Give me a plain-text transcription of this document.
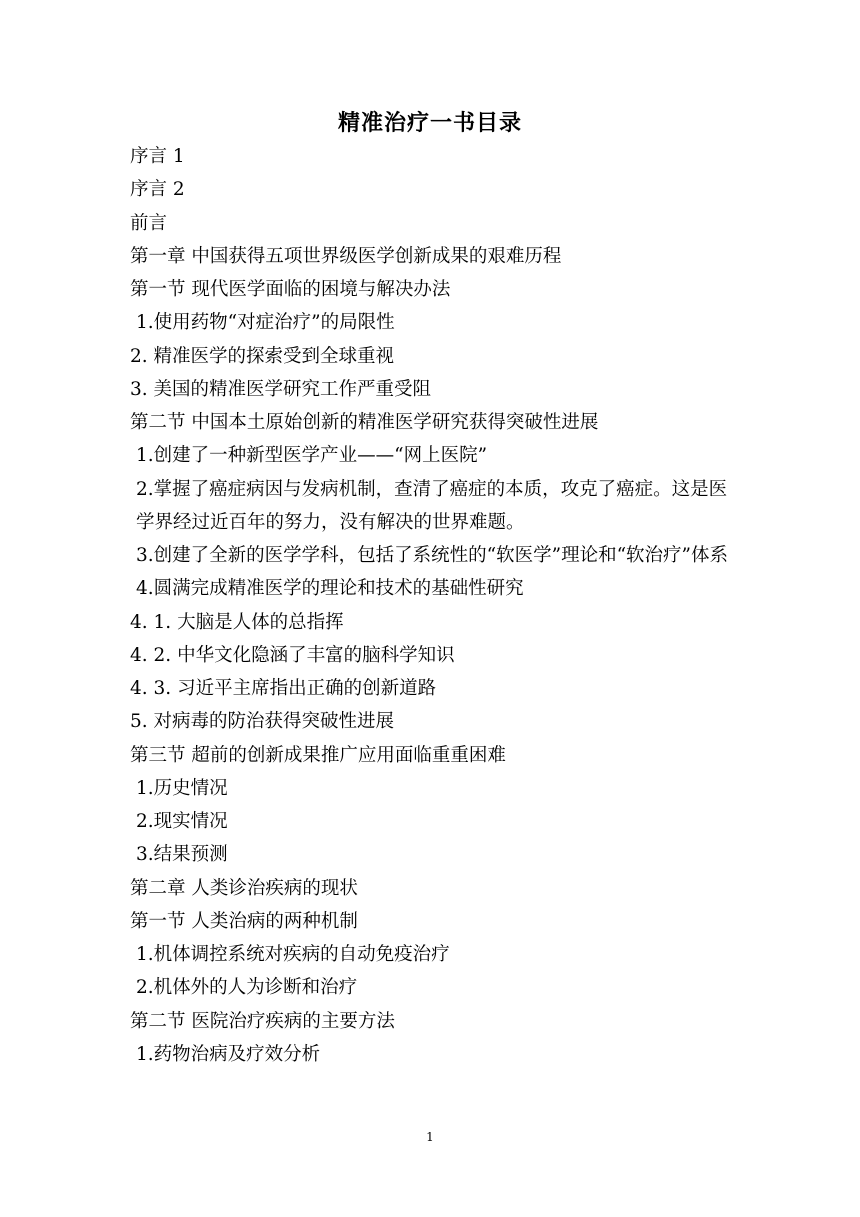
精准治疗一书目录
序言 1
序言 2
前言
第一章 中国获得五项世界级医学创新成果的艰难历程
第一节 现代医学面临的困境与解决办法
1.使用药物“对症治疗”的局限性
2. 精准医学的探索受到全球重视
3. 美国的精准医学研究工作严重受阻
第二节 中国本土原始创新的精准医学研究获得突破性进展
1.创建了一种新型医学产业——“网上医院”
2.掌握了癌症病因与发病机制，查清了癌症的本质，攻克了癌症。这是医学界经过近百年的努力，没有解决的世界难题。
3.创建了全新的医学学科，包括了系统性的“软医学”理论和“软治疗”体系
4.圆满完成精准医学的理论和技术的基础性研究
4. 1. 大脑是人体的总指挥
4. 2. 中华文化隐涵了丰富的脑科学知识
4. 3. 习近平主席指出正确的创新道路
5. 对病毒的防治获得突破性进展
第三节 超前的创新成果推广应用面临重重困难
1.历史情况
2.现实情况
3.结果预测
第二章 人类诊治疾病的现状
第一节 人类治病的两种机制
1.机体调控系统对疾病的自动免疫治疗
2.机体外的人为诊断和治疗
第二节 医院治疗疾病的主要方法
1.药物治病及疗效分析
1
